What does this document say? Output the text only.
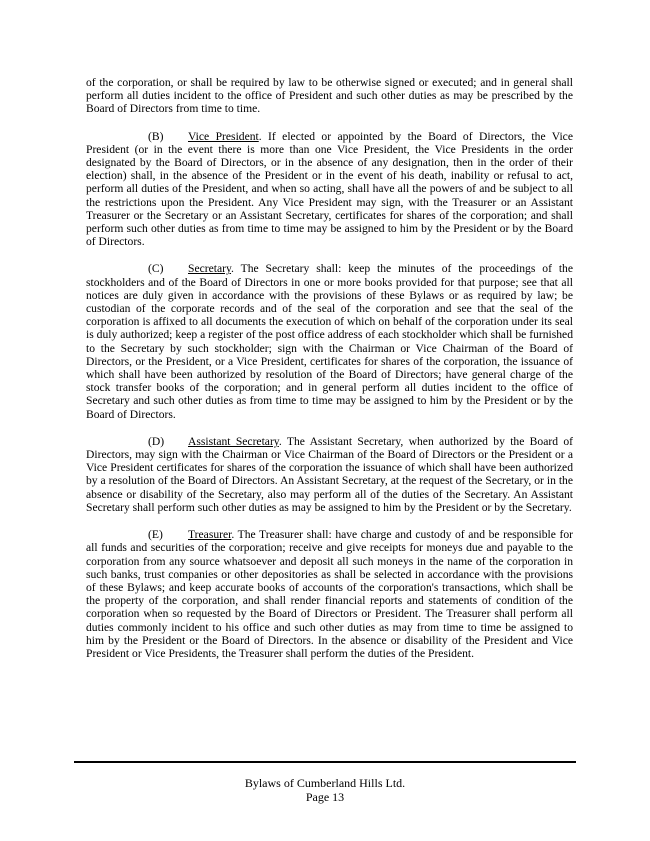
of the corporation, or shall be required by law to be otherwise signed or executed; and in general shall perform all duties incident to the office of President and such other duties as may be prescribed by the Board of Directors from time to time.

(B) Vice President. If elected or appointed by the Board of Directors, the Vice President (or in the event there is more than one Vice President, the Vice Presidents in the order designated by the Board of Directors, or in the absence of any designation, then in the order of their election) shall, in the absence of the President or in the event of his death, inability or refusal to act, perform all duties of the President, and when so acting, shall have all the powers of and be subject to all the restrictions upon the President. Any Vice President may sign, with the Treasurer or an Assistant Treasurer or the Secretary or an Assistant Secretary, certificates for shares of the corporation; and shall perform such other duties as from time to time may be assigned to him by the President or by the Board of Directors.

(C) Secretary. The Secretary shall: keep the minutes of the proceedings of the stockholders and of the Board of Directors in one or more books provided for that purpose; see that all notices are duly given in accordance with the provisions of these Bylaws or as required by law; be custodian of the corporate records and of the seal of the corporation and see that the seal of the corporation is affixed to all documents the execution of which on behalf of the corporation under its seal is duly authorized; keep a register of the post office address of each stockholder which shall be furnished to the Secretary by such stockholder; sign with the Chairman or Vice Chairman of the Board of Directors, or the President, or a Vice President, certificates for shares of the corporation, the issuance of which shall have been authorized by resolution of the Board of Directors; have general charge of the stock transfer books of the corporation; and in general perform all duties incident to the office of Secretary and such other duties as from time to time may be assigned to him by the President or by the Board of Directors.

(D) Assistant Secretary. The Assistant Secretary, when authorized by the Board of Directors, may sign with the Chairman or Vice Chairman of the Board of Directors or the President or a Vice President certificates for shares of the corporation the issuance of which shall have been authorized by a resolution of the Board of Directors. An Assistant Secretary, at the request of the Secretary, or in the absence or disability of the Secretary, also may perform all of the duties of the Secretary. An Assistant Secretary shall perform such other duties as may be assigned to him by the President or by the Secretary.

(E) Treasurer. The Treasurer shall: have charge and custody of and be responsible for all funds and securities of the corporation; receive and give receipts for moneys due and payable to the corporation from any source whatsoever and deposit all such moneys in the name of the corporation in such banks, trust companies or other depositories as shall be selected in accordance with the provisions of these Bylaws; and keep accurate books of accounts of the corporation's transactions, which shall be the property of the corporation, and shall render financial reports and statements of condition of the corporation when so requested by the Board of Directors or President. The Treasurer shall perform all duties commonly incident to his office and such other duties as may from time to time be assigned to him by the President or the Board of Directors. In the absence or disability of the President and Vice President or Vice Presidents, the Treasurer shall perform the duties of the President.

Bylaws of Cumberland Hills Ltd.
Page 13
